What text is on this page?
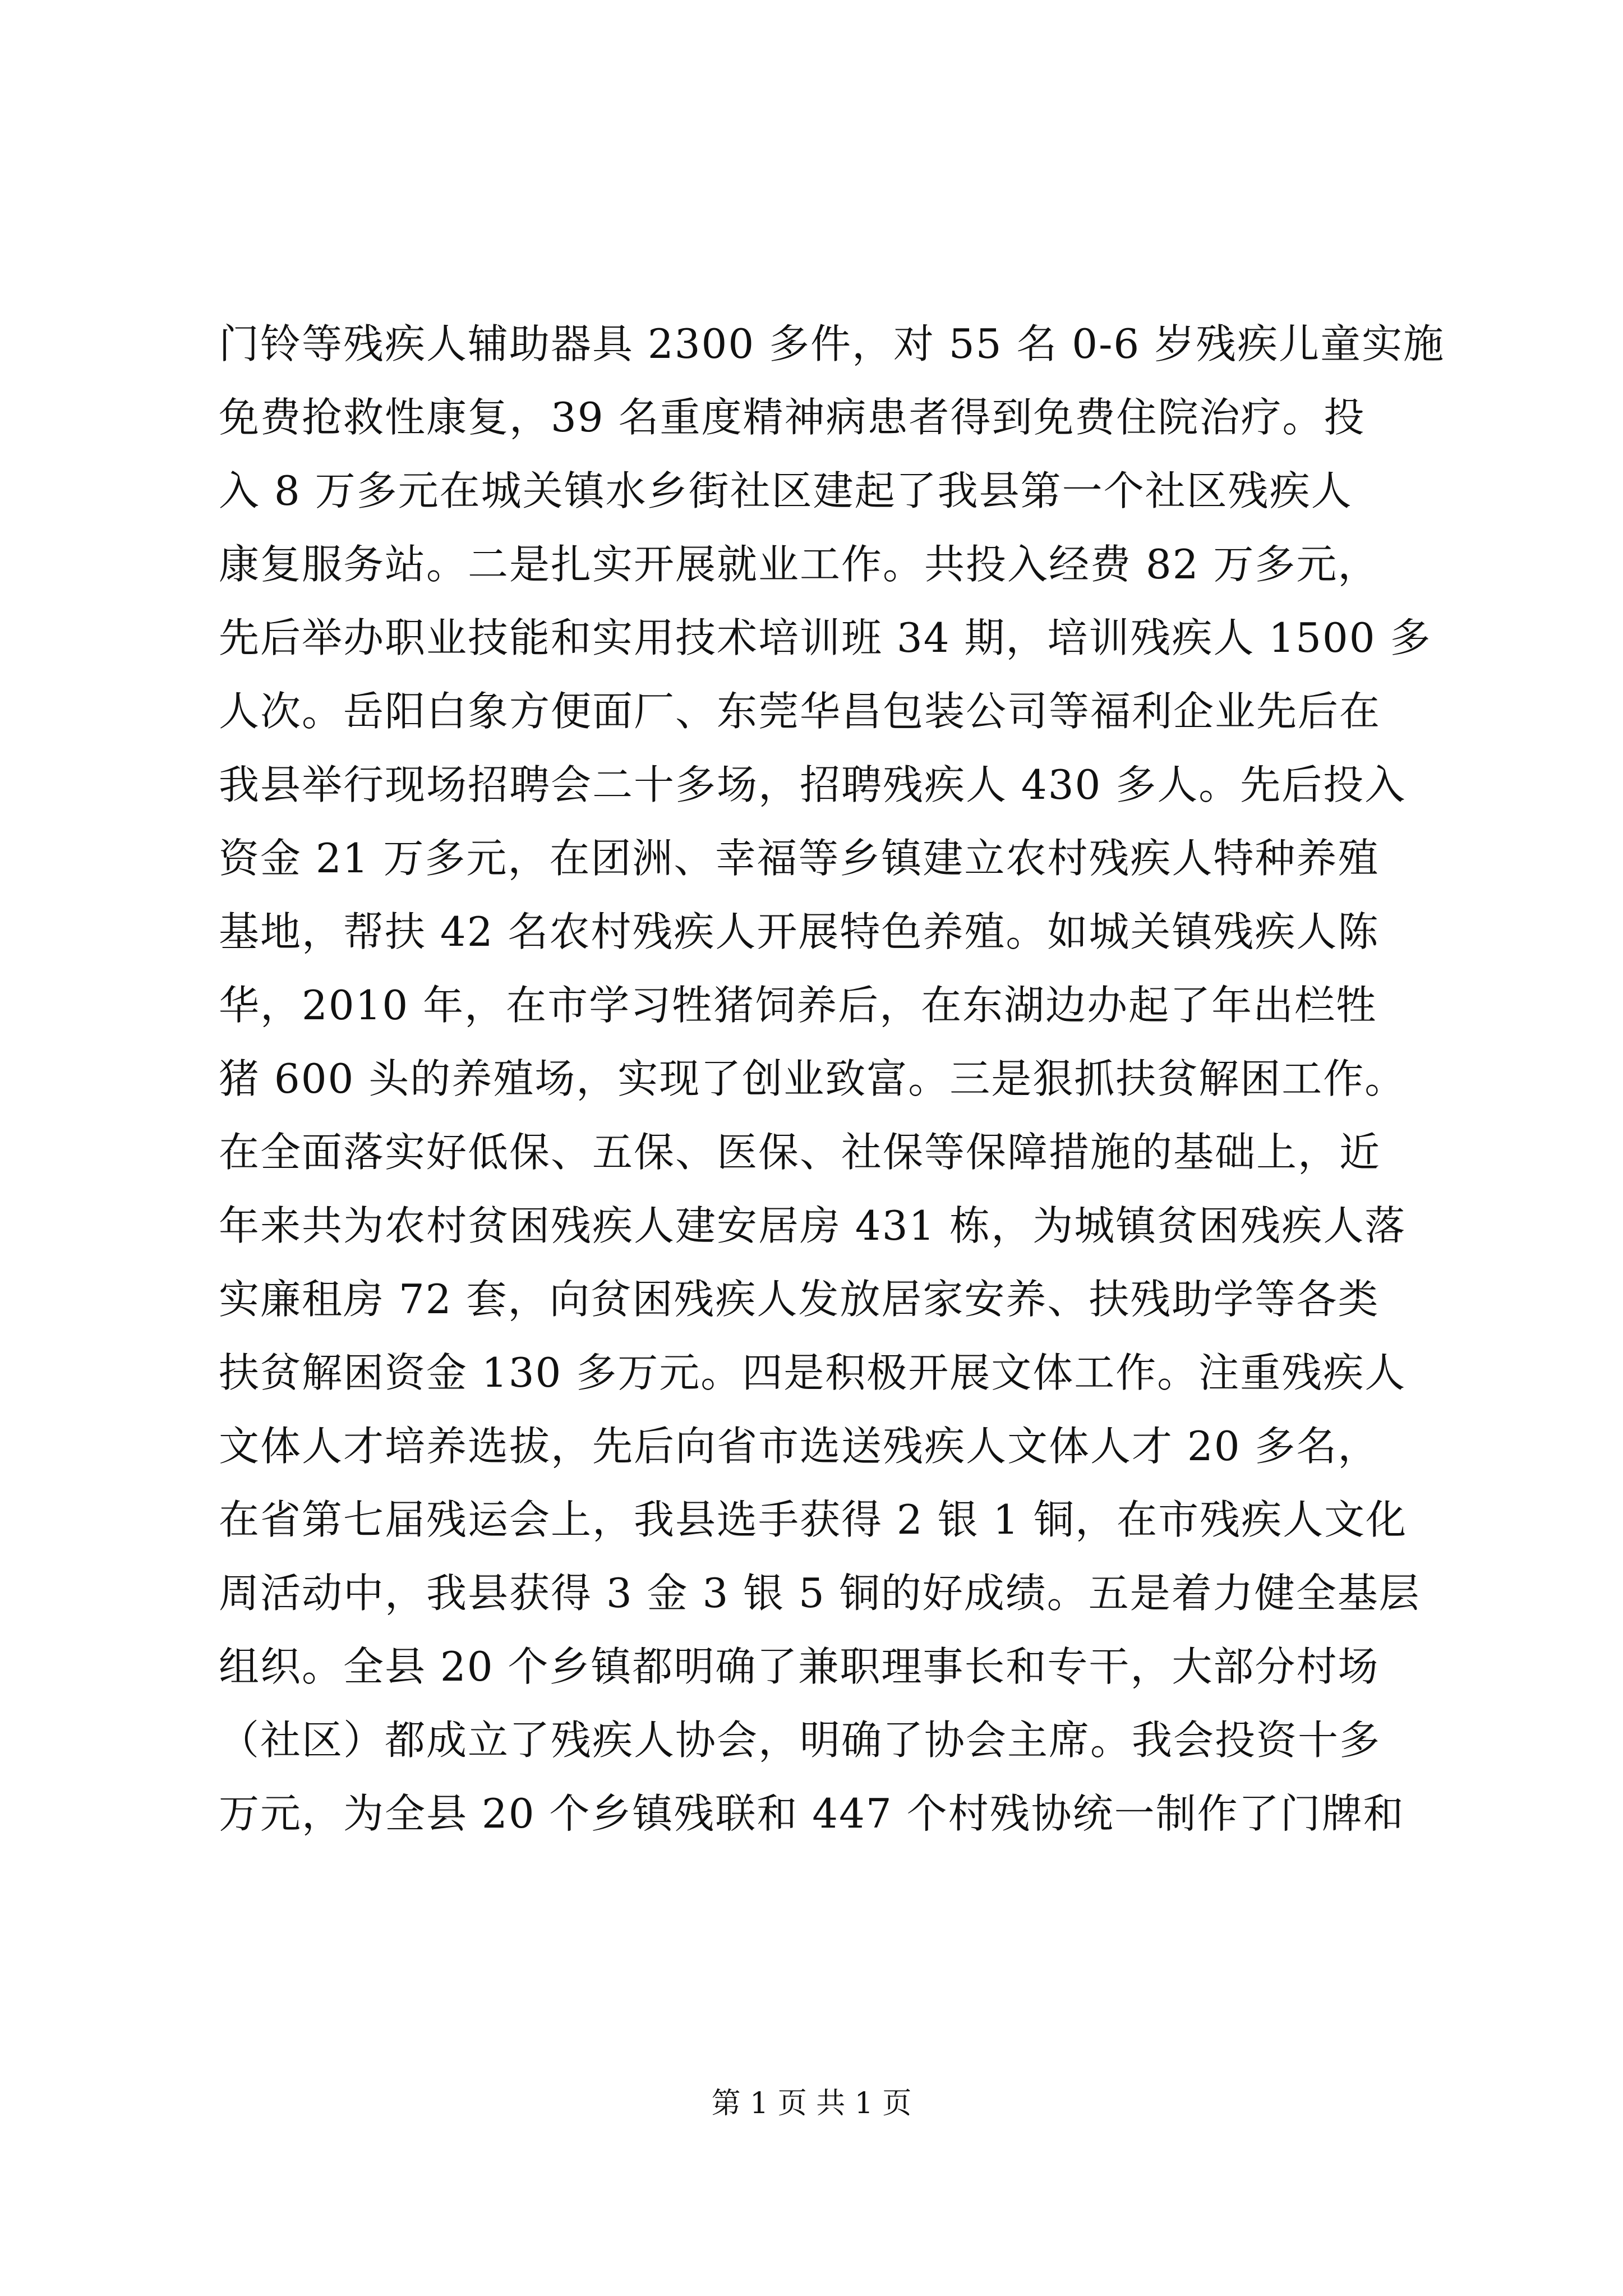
门铃等残疾人辅助器具 2300 多件，对 55 名 0-6 岁残疾儿童实施
免费抢救性康复，39 名重度精神病患者得到免费住院治疗。投
入 8 万多元在城关镇水乡街社区建起了我县第一个社区残疾人
康复服务站。二是扎实开展就业工作。共投入经费 82 万多元，
先后举办职业技能和实用技术培训班 34 期，培训残疾人 1500 多
人次。岳阳白象方便面厂、东莞华昌包装公司等福利企业先后在
我县举行现场招聘会二十多场，招聘残疾人 430 多人。先后投入
资金 21 万多元，在团洲、幸福等乡镇建立农村残疾人特种养殖
基地，帮扶 42 名农村残疾人开展特色养殖。如城关镇残疾人陈
华，2010 年，在市学习牲猪饲养后，在东湖边办起了年出栏牲
猪 600 头的养殖场，实现了创业致富。三是狠抓扶贫解困工作。
在全面落实好低保、五保、医保、社保等保障措施的基础上，近
年来共为农村贫困残疾人建安居房 431 栋，为城镇贫困残疾人落
实廉租房 72 套，向贫困残疾人发放居家安养、扶残助学等各类
扶贫解困资金 130 多万元。四是积极开展文体工作。注重残疾人
文体人才培养选拔，先后向省市选送残疾人文体人才 20 多名，
在省第七届残运会上，我县选手获得 2 银 1 铜，在市残疾人文化
周活动中，我县获得 3 金 3 银 5 铜的好成绩。五是着力健全基层
组织。全县 20 个乡镇都明确了兼职理事长和专干，大部分村场
（社区）都成立了残疾人协会，明确了协会主席。我会投资十多
万元，为全县 20 个乡镇残联和 447 个村残协统一制作了门牌和
第 1 页 共 1 页
